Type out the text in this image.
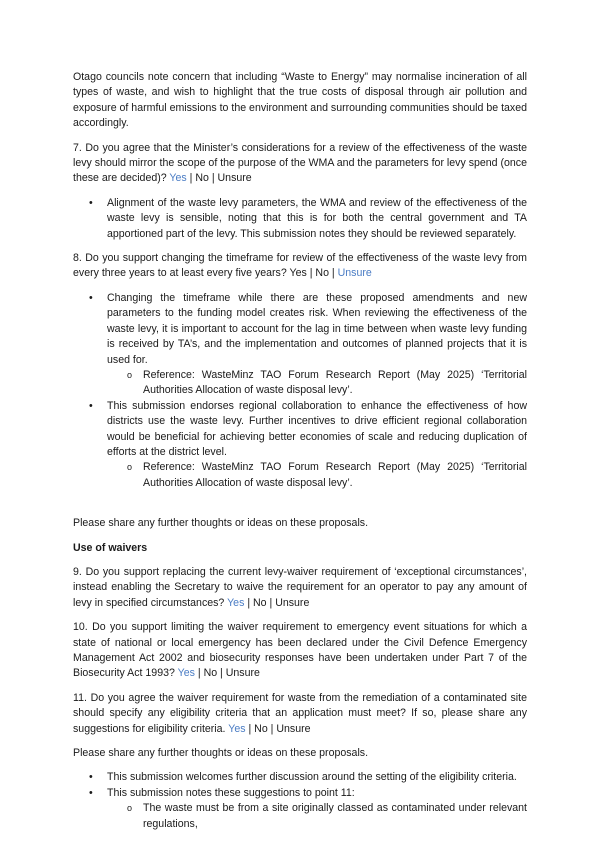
Otago councils note concern that including “Waste to Energy” may normalise incineration of all types of waste, and wish to highlight that the true costs of disposal through air pollution and exposure of harmful emissions to the environment and surrounding communities should be taxed accordingly.

7. Do you agree that the Minister’s considerations for a review of the effectiveness of the waste levy should mirror the scope of the purpose of the WMA and the parameters for levy spend (once these are decided)? Yes | No | Unsure

• Alignment of the waste levy parameters, the WMA and review of the effectiveness of the waste levy is sensible, noting that this is for both the central government and TA apportioned part of the levy. This submission notes they should be reviewed separately.

8. Do you support changing the timeframe for review of the effectiveness of the waste levy from every three years to at least every five years? Yes | No | Unsure

• Changing the timeframe while there are these proposed amendments and new parameters to the funding model creates risk. When reviewing the effectiveness of the waste levy, it is important to account for the lag in time between when waste levy funding is received by TA’s, and the implementation and outcomes of planned projects that it is used for.
o Reference: WasteMinz TAO Forum Research Report (May 2025) ‘Territorial Authorities Allocation of waste disposal levy’.
• This submission endorses regional collaboration to enhance the effectiveness of how districts use the waste levy. Further incentives to drive efficient regional collaboration would be beneficial for achieving better economies of scale and reducing duplication of efforts at the district level.
o Reference: WasteMinz TAO Forum Research Report (May 2025) ‘Territorial Authorities Allocation of waste disposal levy’.

Please share any further thoughts or ideas on these proposals.

Use of waivers

9. Do you support replacing the current levy-waiver requirement of ‘exceptional circumstances’, instead enabling the Secretary to waive the requirement for an operator to pay any amount of levy in specified circumstances? Yes | No | Unsure

10. Do you support limiting the waiver requirement to emergency event situations for which a state of national or local emergency has been declared under the Civil Defence Emergency Management Act 2002 and biosecurity responses have been undertaken under Part 7 of the Biosecurity Act 1993? Yes | No | Unsure

11. Do you agree the waiver requirement for waste from the remediation of a contaminated site should specify any eligibility criteria that an application must meet? If so, please share any suggestions for eligibility criteria. Yes | No | Unsure

Please share any further thoughts or ideas on these proposals.

• This submission welcomes further discussion around the setting of the eligibility criteria.
• This submission notes these suggestions to point 11:
o The waste must be from a site originally classed as contaminated under relevant regulations,
